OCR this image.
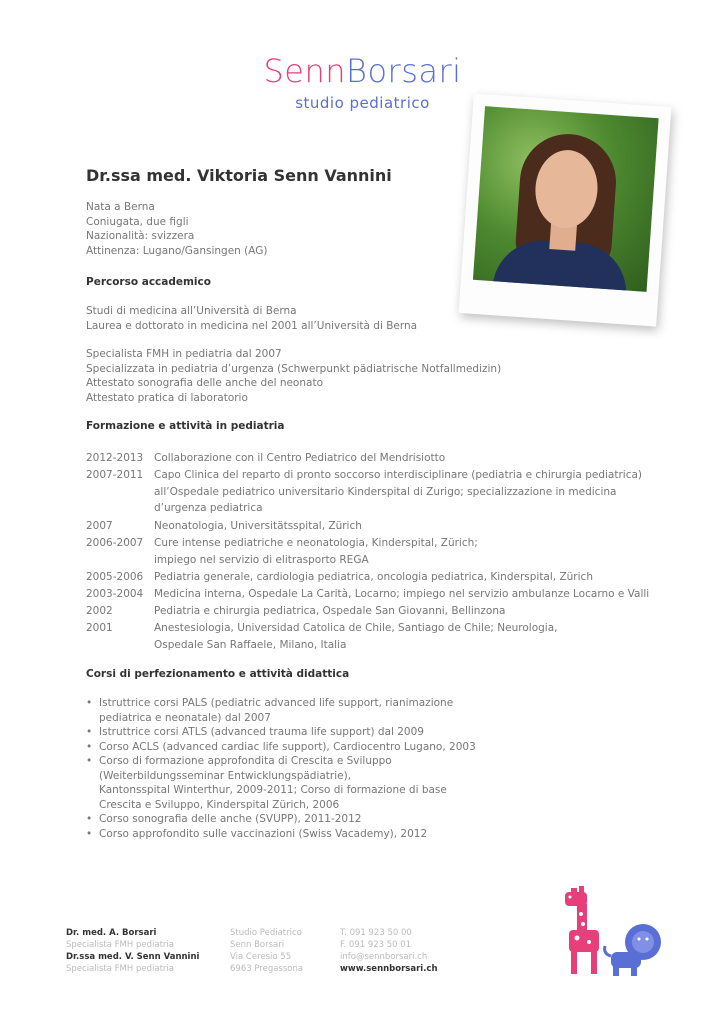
SennBorsari
studio pediatrico
Dr.ssa med. Viktoria Senn Vannini
Nata a Berna
Coniugata, due figli
Nazionalità: svizzera
Attinenza: Lugano/Gansingen (AG)
Percorso accademico
Studi di medicina all’Università di Berna
Laurea e dottorato in medicina nel 2001 all’Università di Berna
Specialista FMH in pediatria dal 2007
Specializzata in pediatria d’urgenza (Schwerpunkt pädiatrische Notfallmedizin)
Attestato sonografia delle anche del neonato
Attestato pratica di laboratorio
Formazione e attività in pediatria
2012-2013	Collaborazione con il Centro Pediatrico del Mendrisiotto
2007-2011	Capo Clinica del reparto di pronto soccorso interdisciplinare (pediatria e chirurgia pediatrica)
all’Ospedale pediatrico universitario Kinderspital di Zurigo; specializzazione in medicina
d’urgenza pediatrica
2007	Neonatologia, Universitätsspital, Zürich
2006-2007	Cure intense pediatriche e neonatologia, Kinderspital, Zürich;
impiego nel servizio di elitrasporto REGA
2005-2006	Pediatria generale, cardiologia pediatrica, oncologia pediatrica, Kinderspital, Zürich
2003-2004	Medicina interna, Ospedale La Carità, Locarno; impiego nel servizio ambulanze Locarno e Valli
2002	Pediatria e chirurgia pediatrica, Ospedale San Giovanni, Bellinzona
2001	Anestesiologia, Universidad Catolica de Chile, Santiago de Chile; Neurologia,
Ospedale San Raffaele, Milano, Italia
Corsi di perfezionamento e attività didattica
• Istruttrice corsi PALS (pediatric advanced life support, rianimazione
pediatrica e neonatale) dal 2007
• Istruttrice corsi ATLS (advanced trauma life support) dal 2009
• Corso ACLS (advanced cardiac life support), Cardiocentro Lugano, 2003
• Corso di formazione approfondita di Crescita e Sviluppo
(Weiterbildungsseminar Entwicklungspädiatrie),
Kantonsspital Winterthur, 2009-2011; Corso di formazione di base
Crescita e Sviluppo, Kinderspital Zürich, 2006
• Corso sonografia delle anche (SVUPP), 2011-2012
• Corso approfondito sulle vaccinazioni (Swiss Vacademy), 2012
Dr. med. A. Borsari
Specialista FMH pediatria
Dr.ssa med. V. Senn Vannini
Specialista FMH pediatria
Studio Pediatrico
Senn Borsari
Via Ceresio 55
6963 Pregassona
T. 091 923 50 00
F. 091 923 50 01
info@sennborsari.ch
www.sennborsari.ch
